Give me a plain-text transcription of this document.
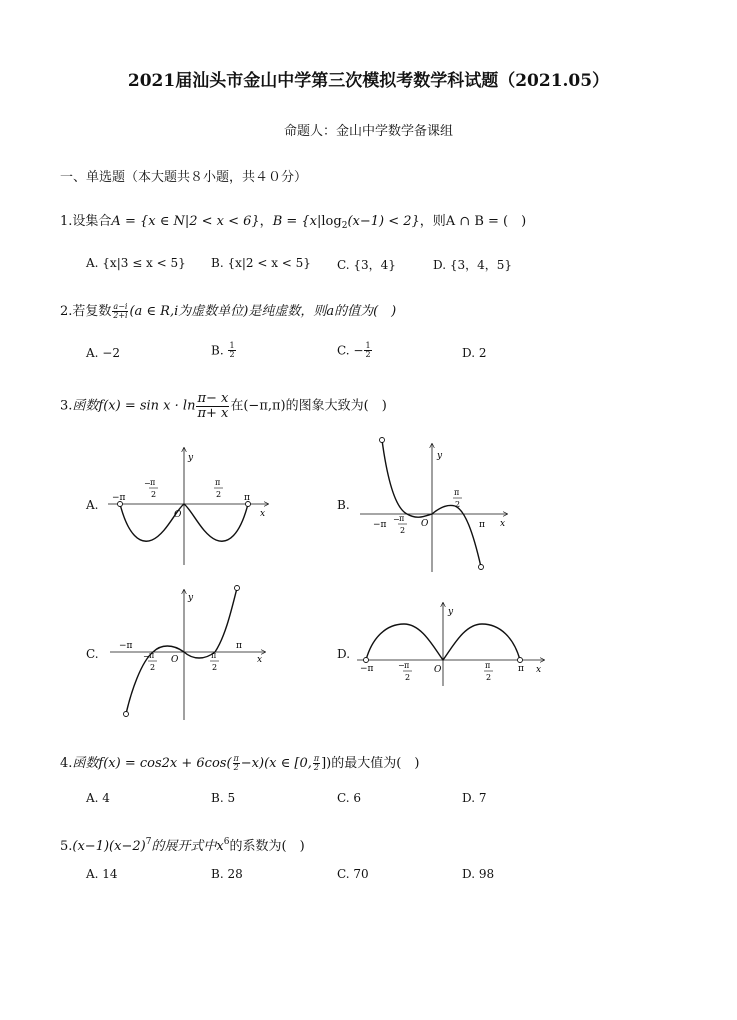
2021届汕头市金山中学第三次模拟考数学科试题（2021.05）
命题人：金山中学数学备课组
一、单选题（本大题共８小题，共４０分）
1.设集合A = {x ∈ N|2 < x < 6}，$B = \{x|\log_2(x-1) < 2\}$，则A ∩ B = (　)
A. {x|3 ≤ x < 5} B. {x|2 < x < 5} C. {3，4}	D. {3，4，5}
2.若复数 $\frac{a-i}{2+i} (a$ ∈ R,i为虚数单位)是纯虚数，则a的值为(　)
A. −2	B. $\frac{1}{2}$	C. − $\frac{1}{2}$	D. 2
3.函数$f(x) = \sin x \cdot \ln \frac{\pi- x}{\pi+ x}$ 在(−π,π)的图象大致为(　)
A.	B.
C.	D.
−π	π
− π
2
π
2
O	x
y
−π	π
− π
2
π
2
O	x
y
−π	π
− π
2
π
2
O	x
y
−π	π
− π
2
π
2
O	x
y
4.函数$f(x) = \cos 2x + 6\cos( \frac{\pi}{2} -x)(x$ ∈ [0, $\frac{\pi}{2}$ ])的最大值为(　)
A. 4	B. 5	C. 6	D. 7
$5.(x-1)(x-2)^7$的展开式中$x^6$的系数为(　)
A. 14	B. 28	C. 70	D. 98
